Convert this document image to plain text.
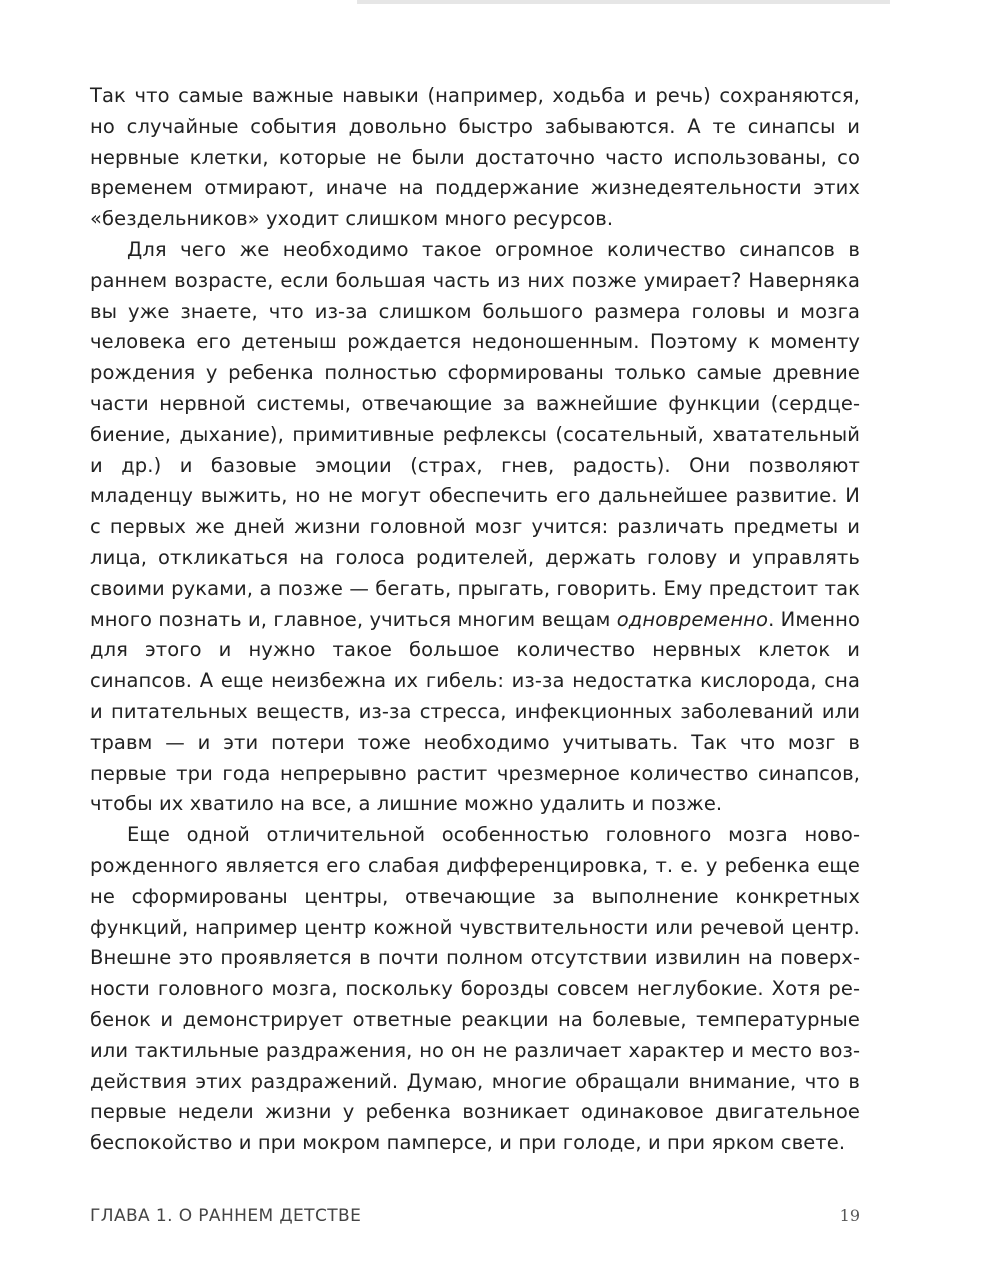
Так что самые важные навыки (например, ходьба и речь) сохраняются, но случайные события довольно быстро забываются. А те синапсы и нервные клетки, которые не были достаточно часто использованы, со временем отмирают, иначе на поддержание жизнедеятельности этих «бездельников» уходит слишком много ресурсов.

Для чего же необходимо такое огромное количество синапсов в раннем возрасте, если большая часть из них позже умирает? Наверняка вы уже знаете, что из-за слишком большого размера головы и мозга человека его детеныш рождается недоношенным. Поэтому к моменту рождения у ребенка полностью сформированы только самые древние части нервной системы, отвечающие за важнейшие функции (сердцебиение, дыхание), примитивные рефлексы (сосательный, хватательный и др.) и базовые эмоции (страх, гнев, радость). Они позволяют младенцу выжить, но не могут обеспечить его дальнейшее развитие. И с первых же дней жизни головной мозг учится: различать предметы и лица, откликаться на голоса родителей, держать голову и управлять своими руками, а позже — бегать, прыгать, говорить. Ему предстоит так много познать и, главное, учиться многим вещам одновременно. Именно для этого и нужно такое большое количество нервных клеток и синапсов. А еще неизбежна их гибель: из-за недостатка кислорода, сна и питательных веществ, из-за стресса, инфекционных заболеваний или травм — и эти потери тоже необходимо учитывать. Так что мозг в первые три года непрерывно растит чрезмерное количество синапсов, чтобы их хватило на все, а лишние можно удалить и позже.

Еще одной отличительной особенностью головного мозга новорожденного является его слабая дифференцировка, т. е. у ребенка еще не сформированы центры, отвечающие за выполнение конкретных функций, например центр кожной чувствительности или речевой центр. Внешне это проявляется в почти полном отсутствии извилин на поверхности головного мозга, поскольку борозды совсем неглубокие. Хотя ребенок и демонстрирует ответные реакции на болевые, температурные или тактильные раздражения, но он не различает характер и место воздействия этих раздражений. Думаю, многие обращали внимание, что в первые недели жизни у ребенка возникает одинаковое двигательное беспокойство и при мокром памперсе, и при голоде, и при ярком свете.

ГЛАВА 1. О РАННЕМ ДЕТСТВЕ	19
